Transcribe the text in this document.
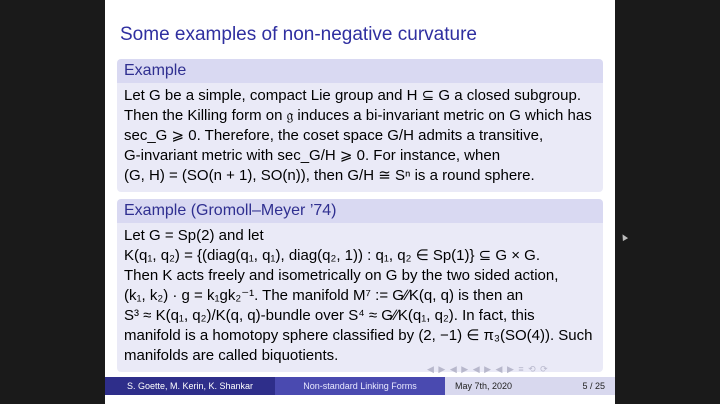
Some examples of non-negative curvature
Example

Let G be a simple, compact Lie group and H ⊆ G a closed subgroup.

Then the Killing form on 𝔤 induces a bi-invariant metric on G which has

sec_G ⩾ 0. Therefore, the coset space G/H admits a transitive,

G-invariant metric with sec_G/H ⩾ 0. For instance, when

(G, H) = (SO(n + 1), SO(n)), then G/H ≅ Sⁿ is a round sphere.

Example (Gromoll–Meyer ’74)

Let G = Sp(2) and let

K(q₁, q₂) = {(diag(q₁, q₁), diag(q₂, 1)) : q₁, q₂ ∈ Sp(1)} ⊆ G × G.

Then K acts freely and isometrically on G by the two sided action,

(k₁, k₂) · g = k₁gk₂⁻¹. The manifold M⁷ := G∕∕K(q, q) is then an

S³ ≈ K(q₁, q₂)/K(q, q)-bundle over S⁴ ≈ G∕∕K(q₁, q₂). In fact, this

manifold is a homotopy sphere classified by (2, −1) ∈ π₃(SO(4)). Such

manifolds are called biquotients.

◀ ▶ ◀ ▶ ◀ ▶ ◀ ▶ ≡ ⟲ ⟳
S. Goette, M. Kerin, K. Shankar	Non-standard Linking Forms	May 7th, 2020	5 / 25
